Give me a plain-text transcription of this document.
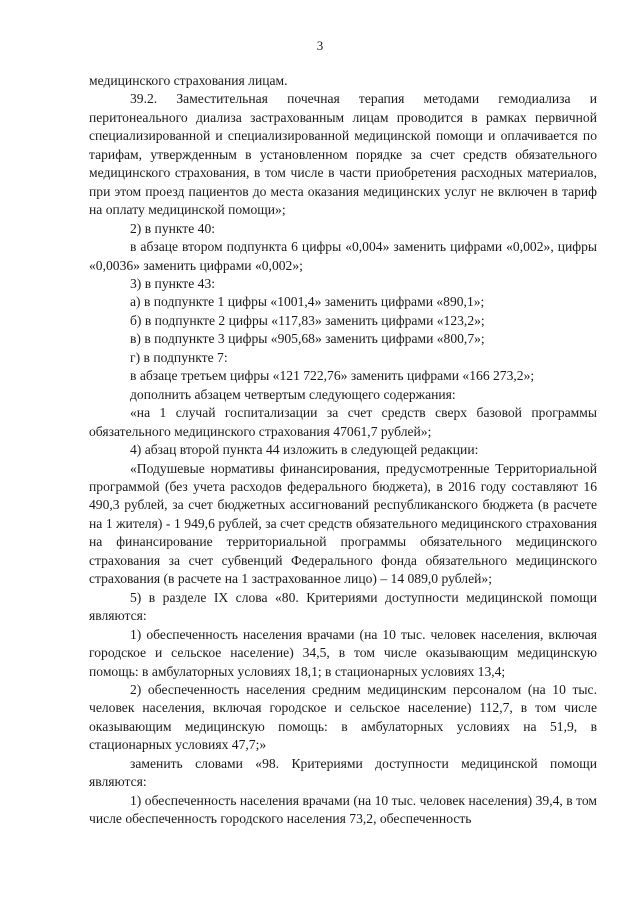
3

медицинского страхования лицам.

39.2. Заместительная почечная терапия методами гемодиализа и перитонеального диализа застрахованным лицам проводится в рамках первичной специализированной и специализированной медицинской помощи и оплачивается по тарифам, утвержденным в установленном порядке за счет средств обязательного медицинского страхования, в том числе в части приобретения расходных материалов, при этом проезд пациентов до места оказания медицинских услуг не включен в тариф на оплату медицинской помощи»;

2) в пункте 40:

в абзаце втором подпункта 6 цифры «0,004» заменить цифрами «0,002», цифры «0,0036» заменить цифрами «0,002»;

3) в пункте 43:

а) в подпункте 1 цифры «1001,4» заменить цифрами «890,1»;

б) в подпункте 2 цифры «117,83» заменить цифрами «123,2»;

в) в подпункте 3 цифры «905,68» заменить цифрами «800,7»;

г) в подпункте 7:

в абзаце третьем цифры «121 722,76» заменить цифрами «166 273,2»;

дополнить абзацем четвертым следующего содержания:

«на 1 случай госпитализации за счет средств сверх базовой программы обязательного медицинского страхования 47061,7 рублей»;

4) абзац второй пункта 44 изложить в следующей редакции:

«Подушевые нормативы финансирования, предусмотренные Территориальной программой (без учета расходов федерального бюджета), в 2016 году составляют 16 490,3 рублей, за счет бюджетных ассигнований республиканского бюджета (в расчете на 1 жителя) - 1 949,6 рублей, за счет средств обязательного медицинского страхования на финансирование территориальной программы обязательного медицинского страхования за счет субвенций Федерального фонда обязательного медицинского страхования (в расчете на 1 застрахованное лицо) – 14 089,0 рублей»;

5) в разделе IX слова «80. Критериями доступности медицинской помощи являются:

1) обеспеченность населения врачами (на 10 тыс. человек населения, включая городское и сельское население) 34,5, в том числе оказывающим медицинскую помощь: в амбулаторных условиях 18,1; в стационарных условиях 13,4;

2) обеспеченность населения средним медицинским персоналом (на 10 тыс. человек населения, включая городское и сельское население) 112,7, в том числе оказывающим медицинскую помощь: в амбулаторных условиях на 51,9, в стационарных условиях 47,7;»

заменить словами «98. Критериями доступности медицинской помощи являются:

1) обеспеченность населения врачами (на 10 тыс. человек населения) 39,4, в том числе обеспеченность городского населения 73,2, обеспеченность
